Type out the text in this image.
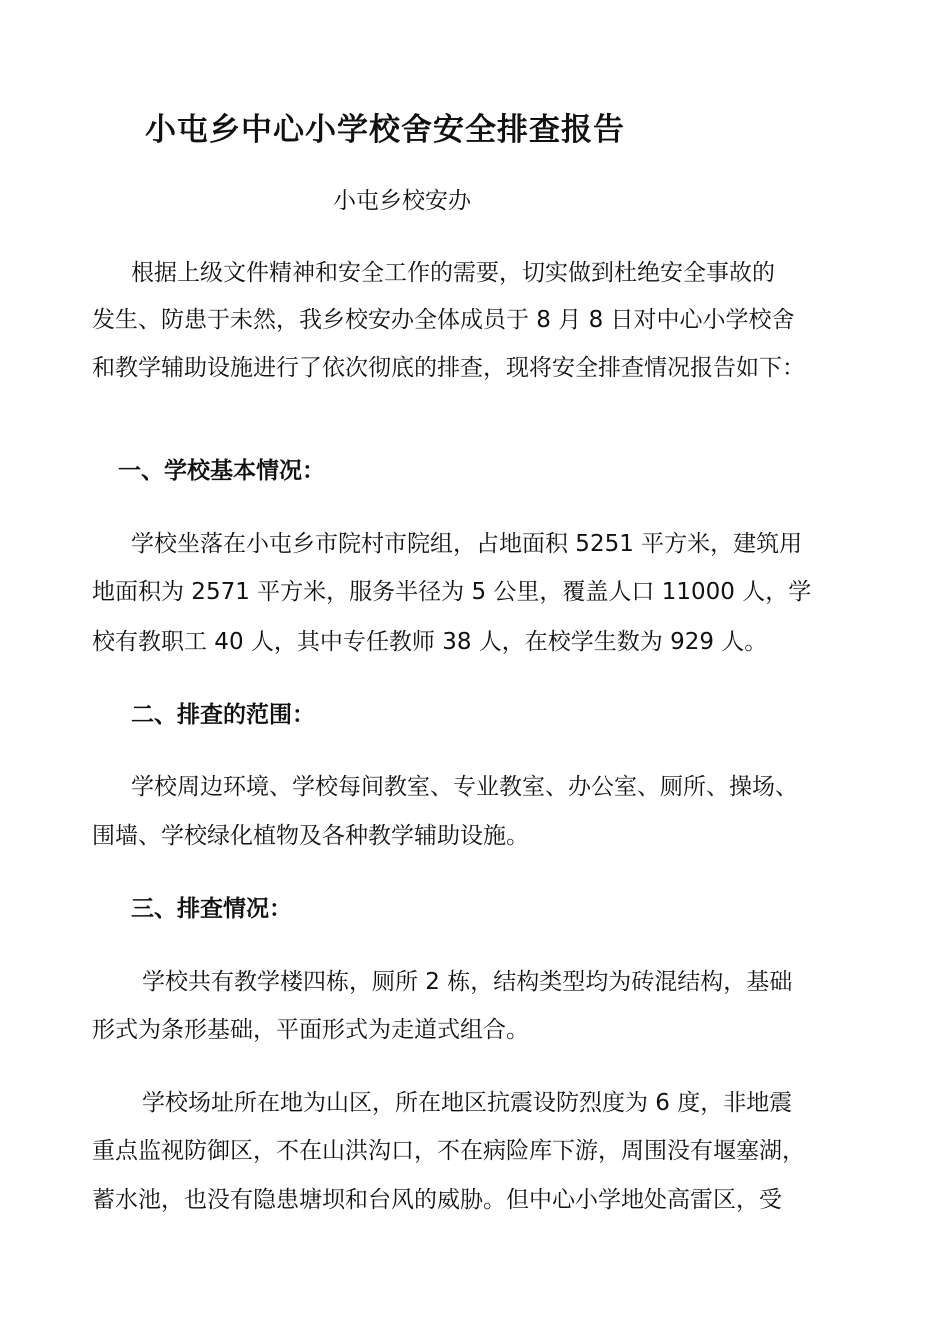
小屯乡中心小学校舍安全排查报告
小屯乡校安办
根据上级文件精神和安全工作的需要，切实做到杜绝安全事故的
发生、防患于未然，我乡校安办全体成员于 8 月 8 日对中心小学校舍
和教学辅助设施进行了依次彻底的排查，现将安全排查情况报告如下：
一、学校基本情况：
学校坐落在小屯乡市院村市院组，占地面积 5251 平方米，建筑用
地面积为 2571 平方米，服务半径为 5 公里，覆盖人口 11000 人，学
校有教职工 40 人，其中专任教师 38 人，在校学生数为 929 人。
二、排查的范围：
学校周边环境、学校每间教室、专业教室、办公室、厕所、操场、
围墙、学校绿化植物及各种教学辅助设施。
三、排查情况：
学校共有教学楼四栋，厕所 2 栋，结构类型均为砖混结构，基础
形式为条形基础，平面形式为走道式组合。
学校场址所在地为山区，所在地区抗震设防烈度为 6 度，非地震
重点监视防御区，不在山洪沟口，不在病险库下游，周围没有堰塞湖，
蓄水池，也没有隐患塘坝和台风的威胁。但中心小学地处高雷区，受
